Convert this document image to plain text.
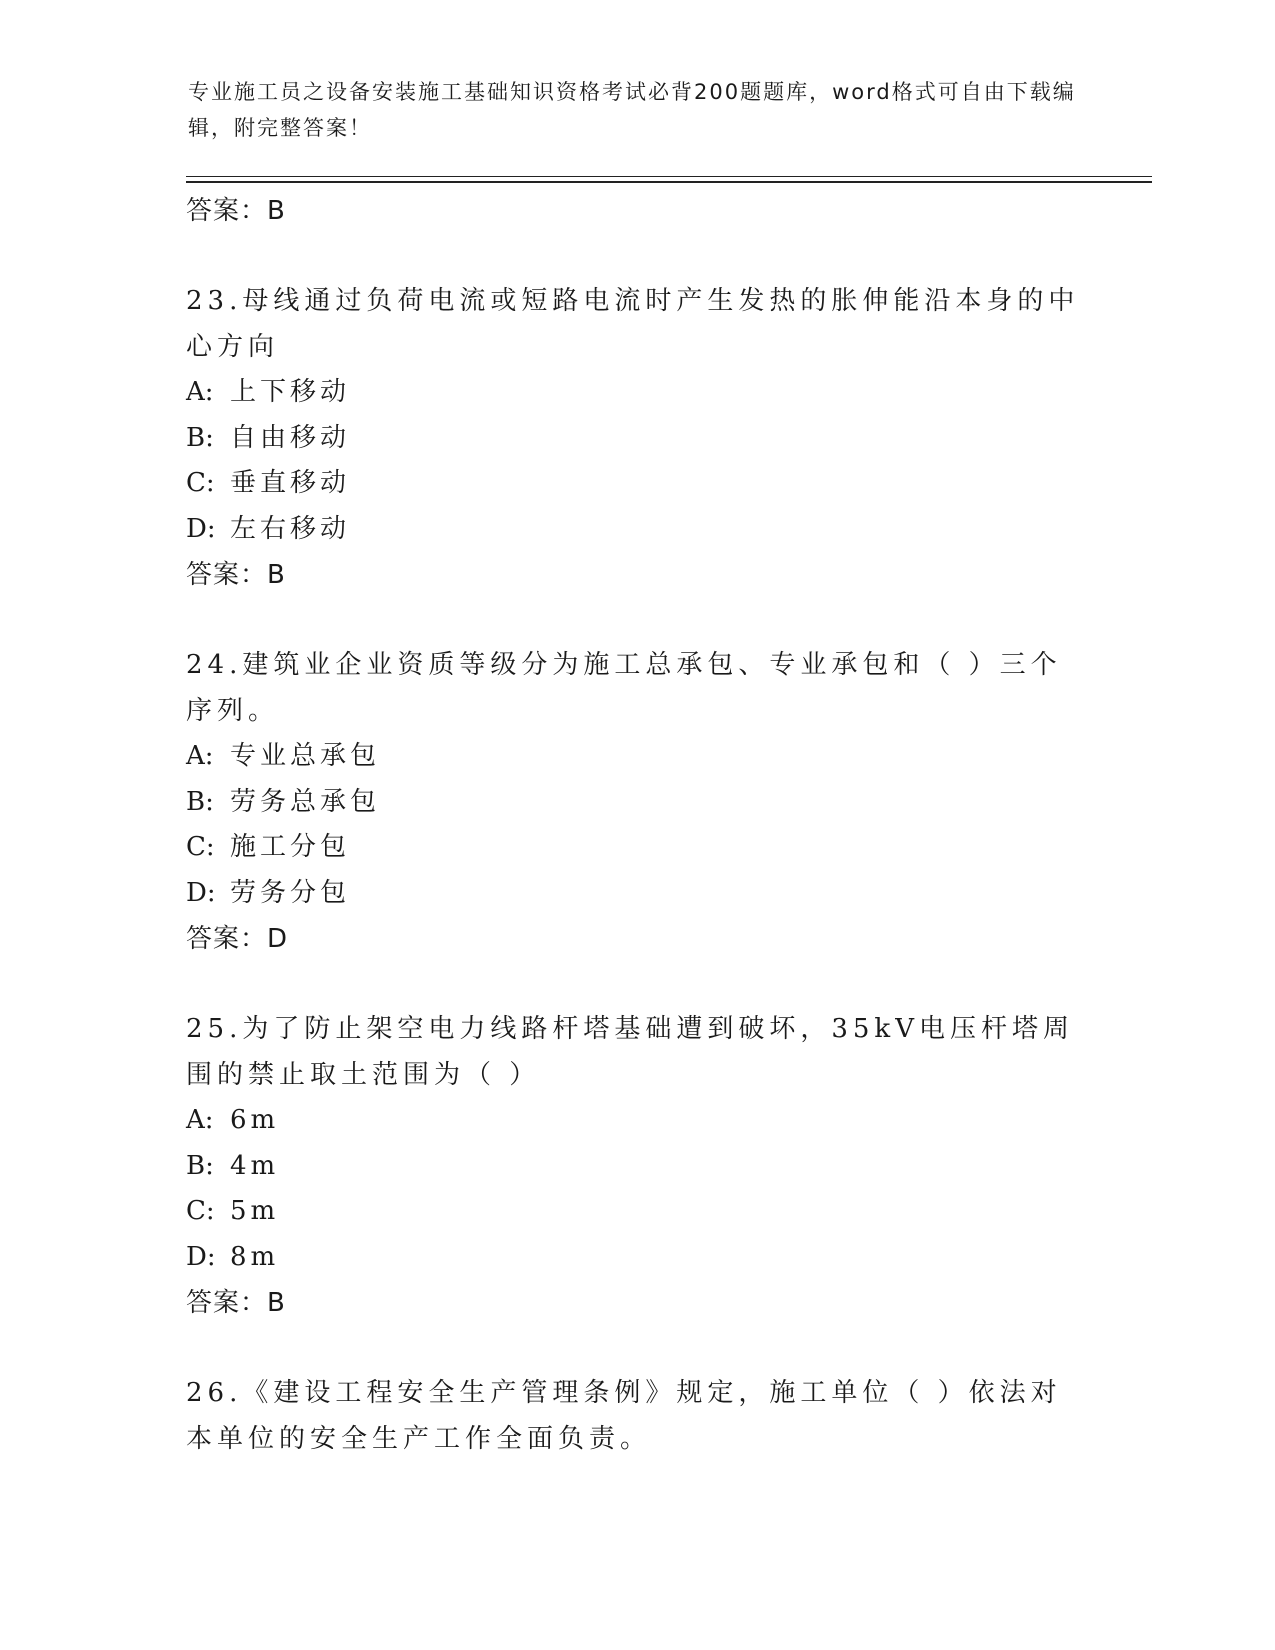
专业施工员之设备安装施工基础知识资格考试必背200题题库，word格式可自由下载编辑，附完整答案！
答案：B
23.母线通过负荷电流或短路电流时产生发热的胀伸能沿本身的中心方向
A: 上下移动
B: 自由移动
C: 垂直移动
D: 左右移动
答案：B
24.建筑业企业资质等级分为施工总承包、专业承包和（ ）三个序列。
A: 专业总承包
B: 劳务总承包
C: 施工分包
D: 劳务分包
答案：D
25.为了防止架空电力线路杆塔基础遭到破坏，35kV电压杆塔周围的禁止取土范围为（ ）
A: 6m
B: 4m
C: 5m
D: 8m
答案：B
26.《建设工程安全生产管理条例》规定，施工单位（ ）依法对本单位的安全生产工作全面负责。
